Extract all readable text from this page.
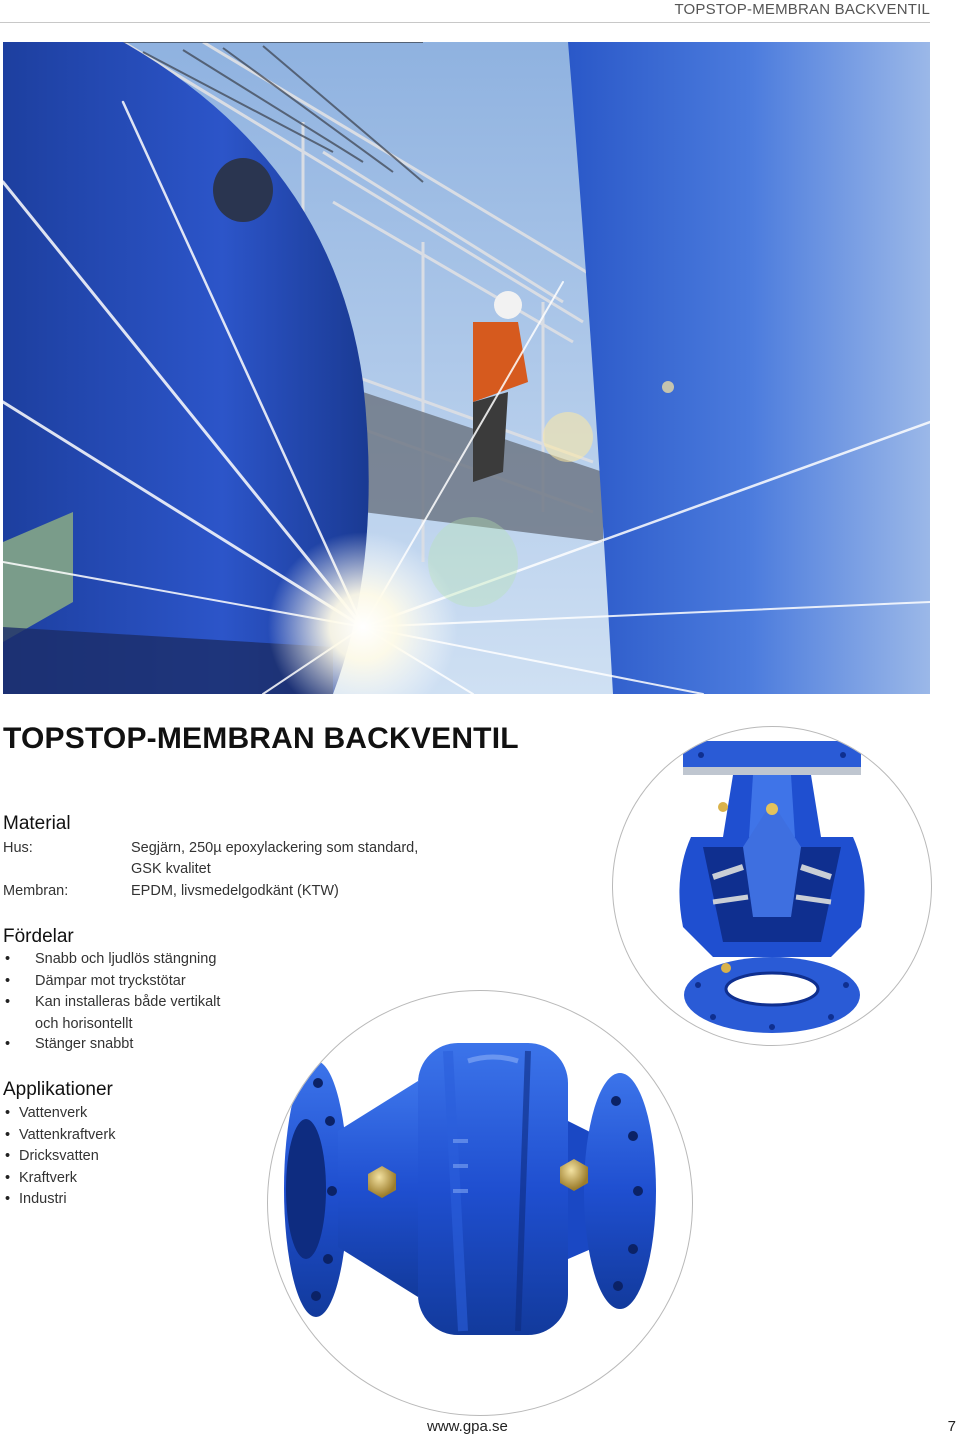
TOPSTOP-MEMBRAN BACKVENTIL
TOPSTOP-MEMBRAN BACKVENTIL
Material
Hus:	Segjärn, 250µ epoxylackering som standard,
GSK kvalitet
Membran:	EPDM, livsmedelgodkänt (KTW)
Fördelar
• Snabb och ljudlös stängning
• Dämpar mot tryckstötar
• Kan installeras både vertikalt
och horisontellt
• Stänger snabbt
Applikationer
• Vattenverk
• Vattenkraftverk
• Dricksvatten
• Kraftverk
• Industri
www.gpa.se	7
